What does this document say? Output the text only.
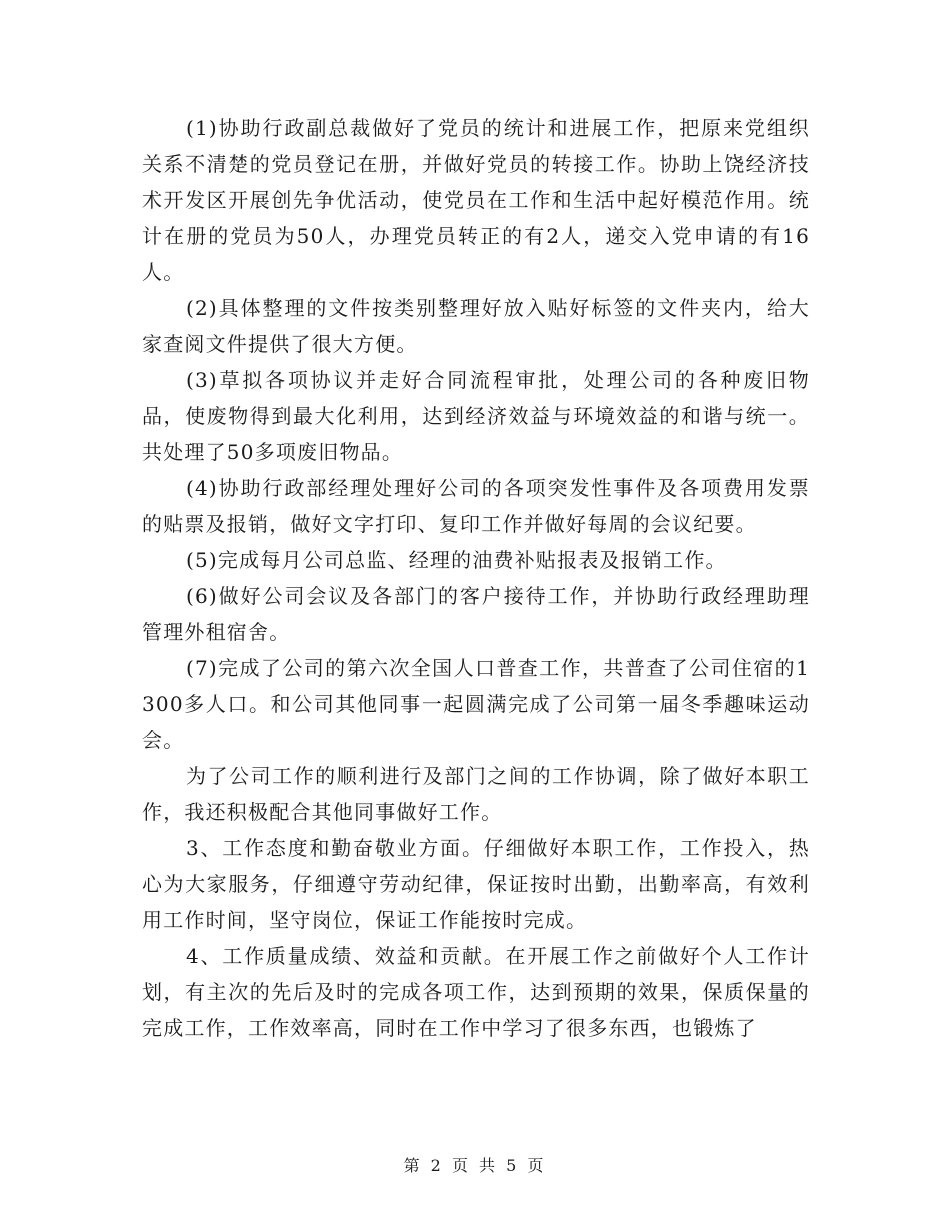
(1)协助行政副总裁做好了党员的统计和进展工作，把原来党组织关系不清楚的党员登记在册，并做好党员的转接工作。协助上饶经济技术开发区开展创先争优活动，使党员在工作和生活中起好模范作用。统计在册的党员为50人，办理党员转正的有2人，递交入党申请的有16人。

(2)具体整理的文件按类别整理好放入贴好标签的文件夹内，给大家查阅文件提供了很大方便。

(3)草拟各项协议并走好合同流程审批，处理公司的各种废旧物品，使废物得到最大化利用，达到经济效益与环境效益的和谐与统一。共处理了50多项废旧物品。

(4)协助行政部经理处理好公司的各项突发性事件及各项费用发票的贴票及报销，做好文字打印、复印工作并做好每周的会议纪要。

(5)完成每月公司总监、经理的油费补贴报表及报销工作。

(6)做好公司会议及各部门的客户接待工作，并协助行政经理助理管理外租宿舍。

(7)完成了公司的第六次全国人口普查工作，共普查了公司住宿的1300多人口。和公司其他同事一起圆满完成了公司第一届冬季趣味运动会。

为了公司工作的顺利进行及部门之间的工作协调，除了做好本职工作，我还积极配合其他同事做好工作。

3、工作态度和勤奋敬业方面。仔细做好本职工作，工作投入，热心为大家服务，仔细遵守劳动纪律，保证按时出勤，出勤率高，有效利用工作时间，坚守岗位，保证工作能按时完成。

4、工作质量成绩、效益和贡献。在开展工作之前做好个人工作计划，有主次的先后及时的完成各项工作，达到预期的效果，保质保量的完成工作，工作效率高，同时在工作中学习了很多东西，也锻炼了

第 2 页 共 5 页
